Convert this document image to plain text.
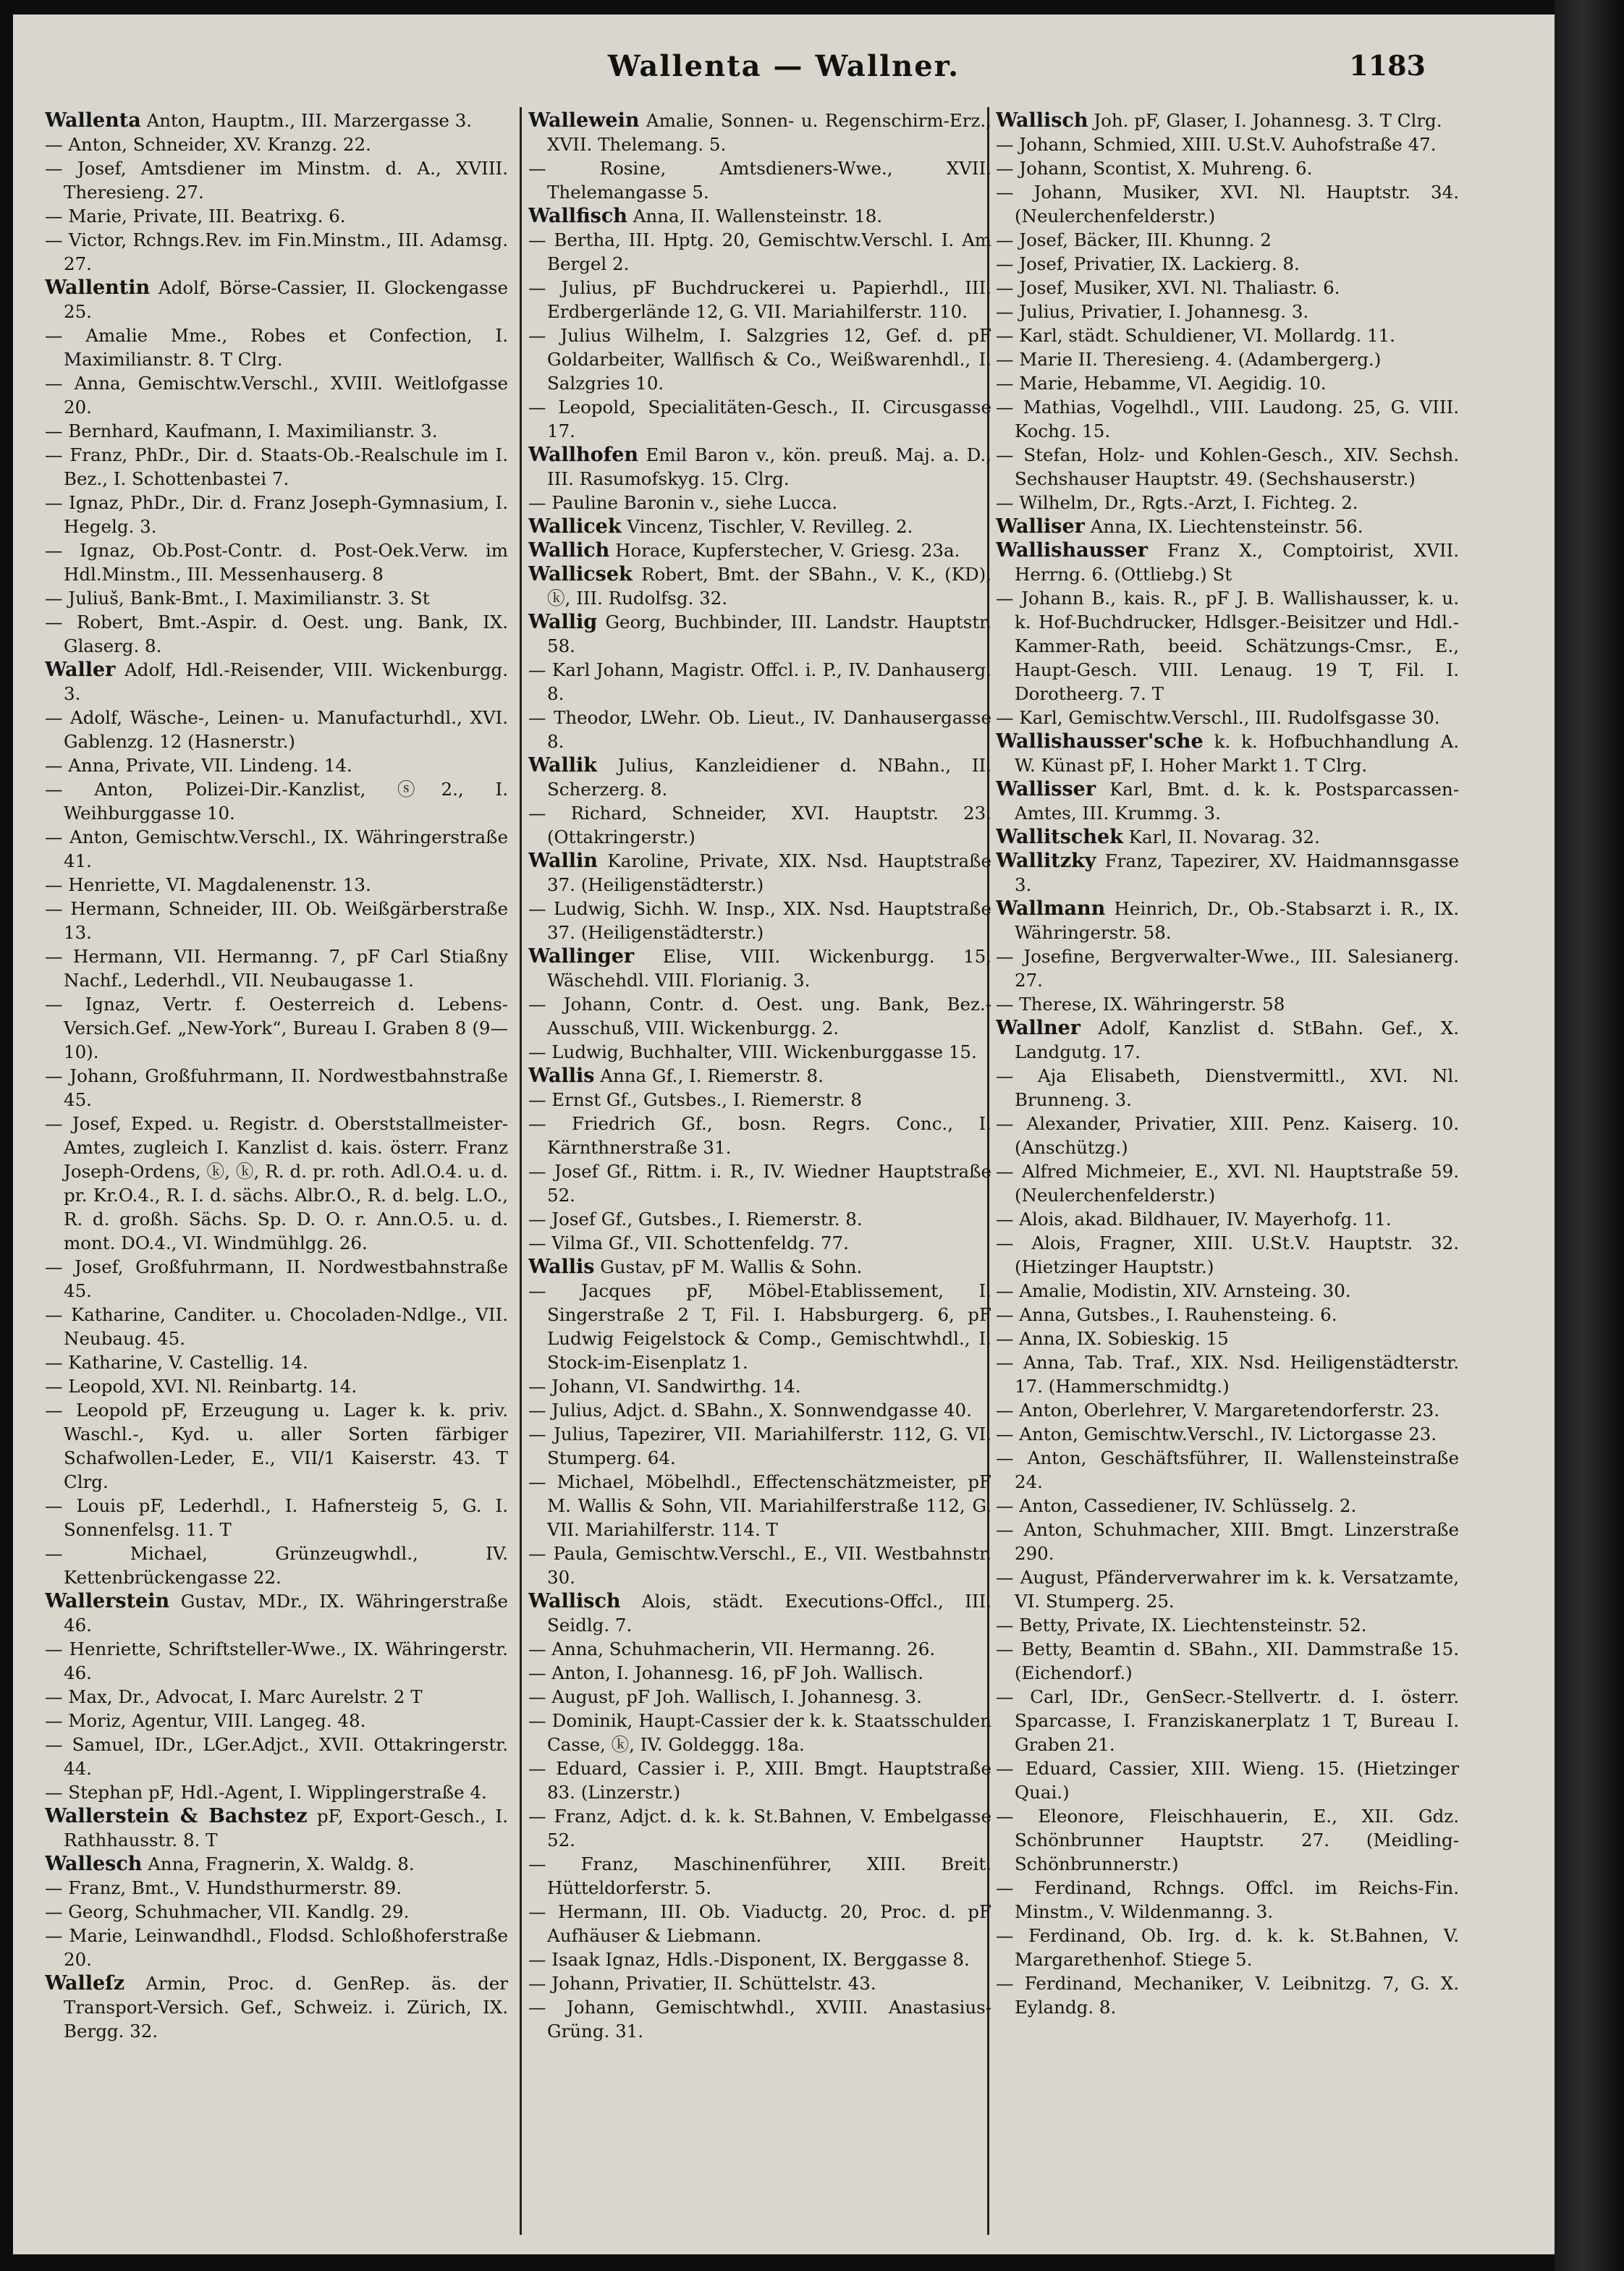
Wallenta — Wallner.	1183
Wallenta Anton, Hauptm., III. Marzergasse 3.
— Anton, Schneider, XV. Kranzg. 22.
— Josef, Amtsdiener im Minstm. d. A., XVIII. Theresieng. 27.
— Marie, Private, III. Beatrixg. 6.
— Victor, Rchngs.Rev. im Fin.Minstm., III. Adamsg. 27.
Wallentin Adolf, Börse-Cassier, II. Glockengasse 25.
— Amalie Mme., Robes et Confection, I. Maximilianstr. 8. T Clrg.
— Anna, Gemischtw.Verschl., XVIII. Weitlofgasse 20.
— Bernhard, Kaufmann, I. Maximilianstr. 3.
— Franz, PhDr., Dir. d. Staats-Ob.-Realschule im I. Bez., I. Schottenbastei 7.
— Ignaz, PhDr., Dir. d. Franz Joseph-Gymnasium, I. Hegelg. 3.
— Ignaz, Ob.Post-Contr. d. Post-Oek.Verw. im Hdl.Minstm., III. Messenhauserg. 8
— Juliuš, Bank-Bmt., I. Maximilianstr. 3. St
— Robert, Bmt.-Aspir. d. Oest. ung. Bank, IX. Glaserg. 8.
Waller Adolf, Hdl.-Reisender, VIII. Wickenburgg. 3.
— Adolf, Wäsche-, Leinen- u. Manufacturhdl., XVI. Gablenzg. 12 (Hasnerstr.)
— Anna, Private, VII. Lindeng. 14.
— Anton, Polizei-Dir.-Kanzlist, ⓢ2., I. Weihburggasse 10.
— Anton, Gemischtw.Verschl., IX. Währingerstraße 41.
— Henriette, VI. Magdalenenstr. 13.
— Hermann, Schneider, III. Ob. Weißgärberstraße 13.
— Hermann, VII. Hermanng. 7, pF Carl Stiaßny Nachf., Lederhdl., VII. Neubaugasse 1.
— Ignaz, Vertr. f. Oesterreich d. Lebens-Versich.Gef. „New-York“, Bureau I. Graben 8 (9—10).
— Johann, Großfuhrmann, II. Nordwestbahnstraße 45.
— Josef, Exped. u. Registr. d. Oberststallmeister-Amtes, zugleich I. Kanzlist d. kais. österr. Franz Joseph-Ordens, ⓚ, ⓚ, R. d. pr. roth. Adl.O.4. u. d. pr. Kr.O.4., R. I. d. sächs. Albr.O., R. d. belg. L.O., R. d. großh. Sächs. Sp. D. O. r. Ann.O.5. u. d. mont. DO.4., VI. Windmühlgg. 26.
— Josef, Großfuhrmann, II. Nordwestbahnstraße 45.
— Katharine, Canditer. u. Chocoladen-Ndlge., VII. Neubaug. 45.
— Katharine, V. Castellig. 14.
— Leopold, XVI. Nl. Reinbartg. 14.
— Leopold pF, Erzeugung u. Lager k. k. priv. Waschl.-, Kyd. u. aller Sorten färbiger Schafwollen-Leder, E., VII/1 Kaiserstr. 43. T Clrg.
— Louis pF, Lederhdl., I. Hafnersteig 5, G. I. Sonnenfelsg. 11. T
— Michael, Grünzeugwhdl., IV. Kettenbrückengasse 22.
Wallerstein Gustav, MDr., IX. Währingerstraße 46.
— Henriette, Schriftsteller-Wwe., IX. Währingerstr. 46.
— Max, Dr., Advocat, I. Marc Aurelstr. 2 T
— Moriz, Agentur, VIII. Langeg. 48.
— Samuel, IDr., LGer.Adjct., XVII. Ottakringerstr. 44.
— Stephan pF, Hdl.-Agent, I. Wipplingerstraße 4.
Wallerstein & Bachstez pF, Export-Gesch., I. Rathhausstr. 8. T
Wallesch Anna, Fragnerin, X. Waldg. 8.
— Franz, Bmt., V. Hundsthurmerstr. 89.
— Georg, Schuhmacher, VII. Kandlg. 29.
— Marie, Leinwandhdl., Flodsd. Schloßhoferstraße 20.
Walleſz Armin, Proc. d. GenRep. äs. der Transport-Versich. Gef., Schweiz. i. Zürich, IX. Bergg. 32.
Wallewein Amalie, Sonnen- u. Regenschirm-Erz., XVII. Thelemang. 5.
— Rosine, Amtsdieners-Wwe., XVII. Thelemangasse 5.
Wallfisch Anna, II. Wallensteinstr. 18.
— Bertha, III. Hptg. 20, Gemischtw.Verschl. I. Am Bergel 2.
— Julius, pF Buchdruckerei u. Papierhdl., III. Erdbergerlände 12, G. VII. Mariahilferstr. 110.
— Julius Wilhelm, I. Salzgries 12, Gef. d. pF Goldarbeiter, Wallfisch & Co., Weißwarenhdl., I. Salzgries 10.
— Leopold, Specialitäten-Gesch., II. Circusgasse 17.
Wallhofen Emil Baron v., kön. preuß. Maj. a. D., III. Rasumofskyg. 15. Clrg.
— Pauline Baronin v., siehe Lucca.
Wallicek Vincenz, Tischler, V. Revilleg. 2.
Wallich Horace, Kupferstecher, V. Griesg. 23a.
Wallicsek Robert, Bmt. der SBahn., V. K., (KD), ⓚ, III. Rudolfsg. 32.
Wallig Georg, Buchbinder, III. Landstr. Hauptstr. 58.
— Karl Johann, Magistr. Offcl. i. P., IV. Danhauserg. 8.
— Theodor, LWehr. Ob. Lieut., IV. Danhausergasse 8.
Wallik Julius, Kanzleidiener d. NBahn., II. Scherzerg. 8.
— Richard, Schneider, XVI. Hauptstr. 23. (Ottakringerstr.)
Wallin Karoline, Private, XIX. Nsd. Hauptstraße 37. (Heiligenstädterstr.)
— Ludwig, Sichh. W. Insp., XIX. Nsd. Hauptstraße 37. (Heiligenstädterstr.)
Wallinger Elise, VIII. Wickenburgg. 15, Wäschehdl. VIII. Florianig. 3.
— Johann, Contr. d. Oest. ung. Bank, Bez.-Ausschuß, VIII. Wickenburgg. 2.
— Ludwig, Buchhalter, VIII. Wickenburggasse 15.
Wallis Anna Gf., I. Riemerstr. 8.
— Ernst Gf., Gutsbes., I. Riemerstr. 8
— Friedrich Gf., bosn. Regrs. Conc., I. Kärnthnerstraße 31.
— Josef Gf., Rittm. i. R., IV. Wiedner Hauptstraße 52.
— Josef Gf., Gutsbes., I. Riemerstr. 8.
— Vilma Gf., VII. Schottenfeldg. 77.
Wallis Gustav, pF M. Wallis & Sohn.
— Jacques pF, Möbel-Etablissement, I. Singerstraße 2 T, Fil. I. Habsburgerg. 6, pF Ludwig Feigelstock & Comp., Gemischtwhdl., I. Stock-im-Eisenplatz 1.
— Johann, VI. Sandwirthg. 14.
— Julius, Adjct. d. SBahn., X. Sonnwendgasse 40.
— Julius, Tapezirer, VII. Mariahilferstr. 112, G. VI. Stumperg. 64.
— Michael, Möbelhdl., Effectenschätzmeister, pF M. Wallis & Sohn, VII. Mariahilferstraße 112, G. VII. Mariahilferstr. 114. T
— Paula, Gemischtw.Verschl., E., VII. Westbahnstr. 30.
Wallisch Alois, städt. Executions-Offcl., III. Seidlg. 7.
— Anna, Schuhmacherin, VII. Hermanng. 26.
— Anton, I. Johannesg. 16, pF Joh. Wallisch.
— August, pF Joh. Wallisch, I. Johannesg. 3.
— Dominik, Haupt-Cassier der k. k. Staatsschulden Casse, ⓚ, IV. Goldeggg. 18a.
— Eduard, Cassier i. P., XIII. Bmgt. Hauptstraße 83. (Linzerstr.)
— Franz, Adjct. d. k. k. St.Bahnen, V. Embelgasse 52.
— Franz, Maschinenführer, XIII. Breit. Hütteldorferstr. 5.
— Hermann, III. Ob. Viaductg. 20, Proc. d. pF Aufhäuser & Liebmann.
— Isaak Ignaz, Hdls.-Disponent, IX. Berggasse 8.
— Johann, Privatier, II. Schüttelstr. 43.
— Johann, Gemischtwhdl., XVIII. Anastasius-Grüng. 31.
Wallisch Joh. pF, Glaser, I. Johannesg. 3. T Clrg.
— Johann, Schmied, XIII. U.St.V. Auhofstraße 47.
— Johann, Scontist, X. Muhreng. 6.
— Johann, Musiker, XVI. Nl. Hauptstr. 34. (Neulerchenfelderstr.)
— Josef, Bäcker, III. Khunng. 2
— Josef, Privatier, IX. Lackierg. 8.
— Josef, Musiker, XVI. Nl. Thaliastr. 6.
— Julius, Privatier, I. Johannesg. 3.
— Karl, städt. Schuldiener, VI. Mollardg. 11.
— Marie II. Theresieng. 4. (Adambergerg.)
— Marie, Hebamme, VI. Aegidig. 10.
— Mathias, Vogelhdl., VIII. Laudong. 25, G. VIII. Kochg. 15.
— Stefan, Holz- und Kohlen-Gesch., XIV. Sechsh. Sechshauser Hauptstr. 49. (Sechshauserstr.)
— Wilhelm, Dr., Rgts.-Arzt, I. Fichteg. 2.
Walliser Anna, IX. Liechtensteinstr. 56.
Wallishausser Franz X., Comptoirist, XVII. Herrng. 6. (Ottliebg.) St
— Johann B., kais. R., pF J. B. Wallishausser, k. u. k. Hof-Buchdrucker, Hdlsger.-Beisitzer und Hdl.-Kammer-Rath, beeid. Schätzungs-Cmsr., E., Haupt-Gesch. VIII. Lenaug. 19 T, Fil. I. Dorotheerg. 7. T
— Karl, Gemischtw.Verschl., III. Rudolfsgasse 30.
Wallishausser'sche k. k. Hofbuchhandlung A. W. Künast pF, I. Hoher Markt 1. T Clrg.
Wallisser Karl, Bmt. d. k. k. Postsparcassen-Amtes, III. Krummg. 3.
Wallitschek Karl, II. Novarag. 32.
Wallitzky Franz, Tapezirer, XV. Haidmannsgasse 3.
Wallmann Heinrich, Dr., Ob.-Stabsarzt i. R., IX. Währingerstr. 58.
— Josefine, Bergverwalter-Wwe., III. Salesianerg. 27.
— Therese, IX. Währingerstr. 58
Wallner Adolf, Kanzlist d. StBahn. Gef., X. Landgutg. 17.
— Aja Elisabeth, Dienstvermittl., XVI. Nl. Brunneng. 3.
— Alexander, Privatier, XIII. Penz. Kaiserg. 10. (Anschützg.)
— Alfred Michmeier, E., XVI. Nl. Hauptstraße 59. (Neulerchenfelderstr.)
— Alois, akad. Bildhauer, IV. Mayerhofg. 11.
— Alois, Fragner, XIII. U.St.V. Hauptstr. 32. (Hietzinger Hauptstr.)
— Amalie, Modistin, XIV. Arnsteing. 30.
— Anna, Gutsbes., I. Rauhensteing. 6.
— Anna, IX. Sobieskig. 15
— Anna, Tab. Traf., XIX. Nsd. Heiligenstädterstr. 17. (Hammerschmidtg.)
— Anton, Oberlehrer, V. Margaretendorferstr. 23.
— Anton, Gemischtw.Verschl., IV. Lictorgasse 23.
— Anton, Geschäftsführer, II. Wallensteinstraße 24.
— Anton, Cassediener, IV. Schlüsselg. 2.
— Anton, Schuhmacher, XIII. Bmgt. Linzerstraße 290.
— August, Pfänderverwahrer im k. k. Versatzamte, VI. Stumperg. 25.
— Betty, Private, IX. Liechtensteinstr. 52.
— Betty, Beamtin d. SBahn., XII. Dammstraße 15. (Eichendorf.)
— Carl, IDr., GenSecr.-Stellvertr. d. I. österr. Sparcasse, I. Franziskanerplatz 1 T, Bureau I. Graben 21.
— Eduard, Cassier, XIII. Wieng. 15. (Hietzinger Quai.)
— Eleonore, Fleischhauerin, E., XII. Gdz. Schönbrunner Hauptstr. 27. (Meidling-Schönbrunnerstr.)
— Ferdinand, Rchngs. Offcl. im Reichs-Fin. Minstm., V. Wildenmanng. 3.
— Ferdinand, Ob. Irg. d. k. k. St.Bahnen, V. Margarethenhof. Stiege 5.
— Ferdinand, Mechaniker, V. Leibnitzg. 7, G. X. Eylandg. 8.
